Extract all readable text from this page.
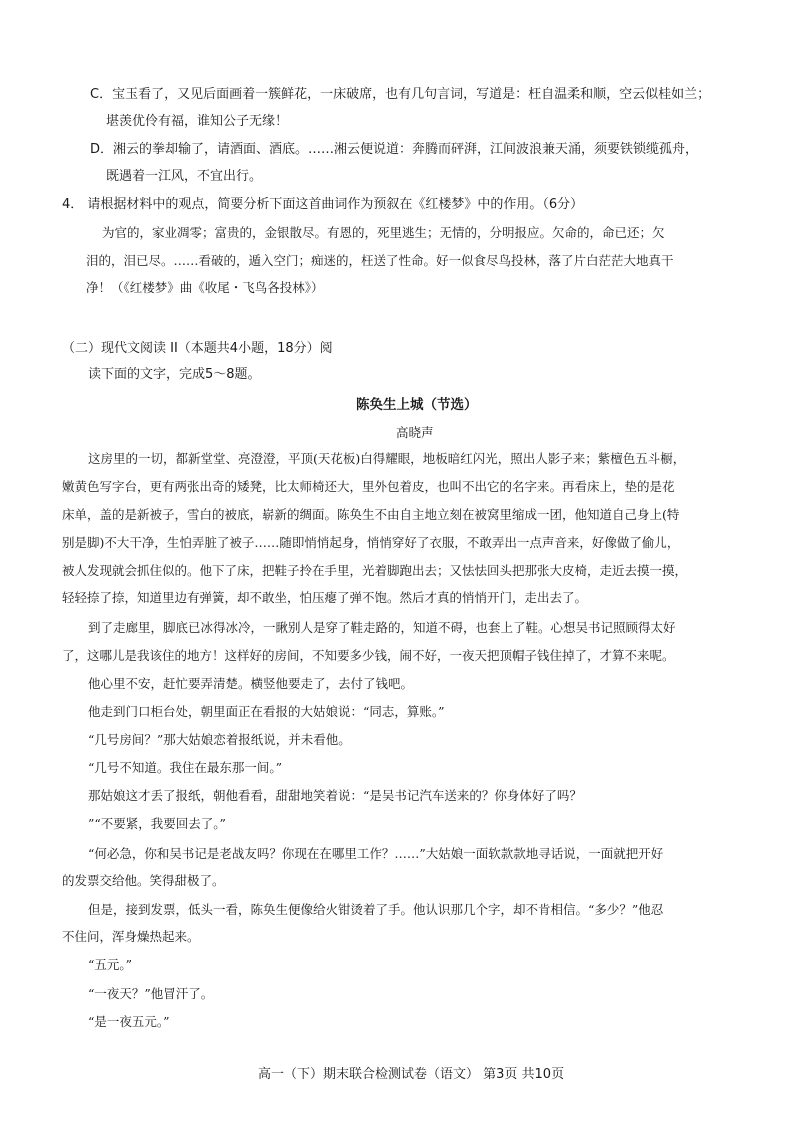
C．宝玉看了，又见后面画着一簇鲜花，一床破席，也有几句言词，写道是：枉自温柔和顺，空云似桂如兰；
堪羡优伶有福，谁知公子无缘！
D．湘云的拳却输了，请酒面、酒底。……湘云便说道：奔腾而砰湃，江间波浪兼天涌，须要铁锁缆孤舟，
既遇着一江风，不宜出行。
4． 请根据材料中的观点，简要分析下面这首曲词作为预叙在《红楼梦》中的作用。（6分）
为官的，家业凋零；富贵的，金银散尽。有恩的，死里逃生；无情的，分明报应。欠命的，命已还；欠
泪的，泪已尽。……看破的，遁入空门；痴迷的，枉送了性命。好一似食尽鸟投林，落了片白茫茫大地真干
净！（《红楼梦》曲《收尾・飞鸟各投林》）
（二）现代文阅读 II（本题共4小题，18分）阅
读下面的文字，完成5～8题。
陈奂生上城（节选）
高晓声
这房里的一切，都新堂堂、亮澄澄，平顶(天花板)白得耀眼，地板暗红闪光，照出人影子来；紫檀色五斗橱，
嫩黄色写字台，更有两张出奇的矮凳，比太师椅还大，里外包着皮，也叫不出它的名字来。再看床上，垫的是花
床单，盖的是新被子，雪白的被底，崭新的绸面。陈奂生不由自主地立刻在被窝里缩成一团，他知道自己身上(特
别是脚)不大干净，生怕弄脏了被子……随即悄悄起身，悄悄穿好了衣服，不敢弄出一点声音来，好像做了偷儿，
被人发现就会抓住似的。他下了床，把鞋子拎在手里，光着脚跑出去；又怯怯回头把那张大皮椅，走近去摸一摸，
轻轻捺了捺，知道里边有弹簧，却不敢坐，怕压瘪了弹不饱。然后才真的悄悄开门，走出去了。
到了走廊里，脚底已冰得冰冷，一瞅别人是穿了鞋走路的，知道不碍，也套上了鞋。心想吴书记照顾得太好
了，这哪儿是我该住的地方！这样好的房间，不知要多少钱，闹不好，一夜天把顶帽子钱住掉了，才算不来呢。
他心里不安，赶忙要弄清楚。横竖他要走了，去付了钱吧。
他走到门口柜台处，朝里面正在看报的大姑娘说：“同志，算账。”
“几号房间？”那大姑娘恋着报纸说，并未看他。
“几号不知道。我住在最东那一间。”
那姑娘这才丢了报纸，朝他看看，甜甜地笑着说：“是吴书记汽车送来的？你身体好了吗？
”“不要紧，我要回去了。”
“何必急，你和吴书记是老战友吗？你现在在哪里工作？……”大姑娘一面软款款地寻话说，一面就把开好
的发票交给他。笑得甜极了。
但是，接到发票，低头一看，陈奂生便像给火钳烫着了手。他认识那几个字，却不肯相信。“多少？”他忍
不住问，浑身燥热起来。
“五元。”
“一夜天？”他冒汗了。
“是一夜五元。”
高一（下）期末联合检测试卷（语文） 第3页 共10页
